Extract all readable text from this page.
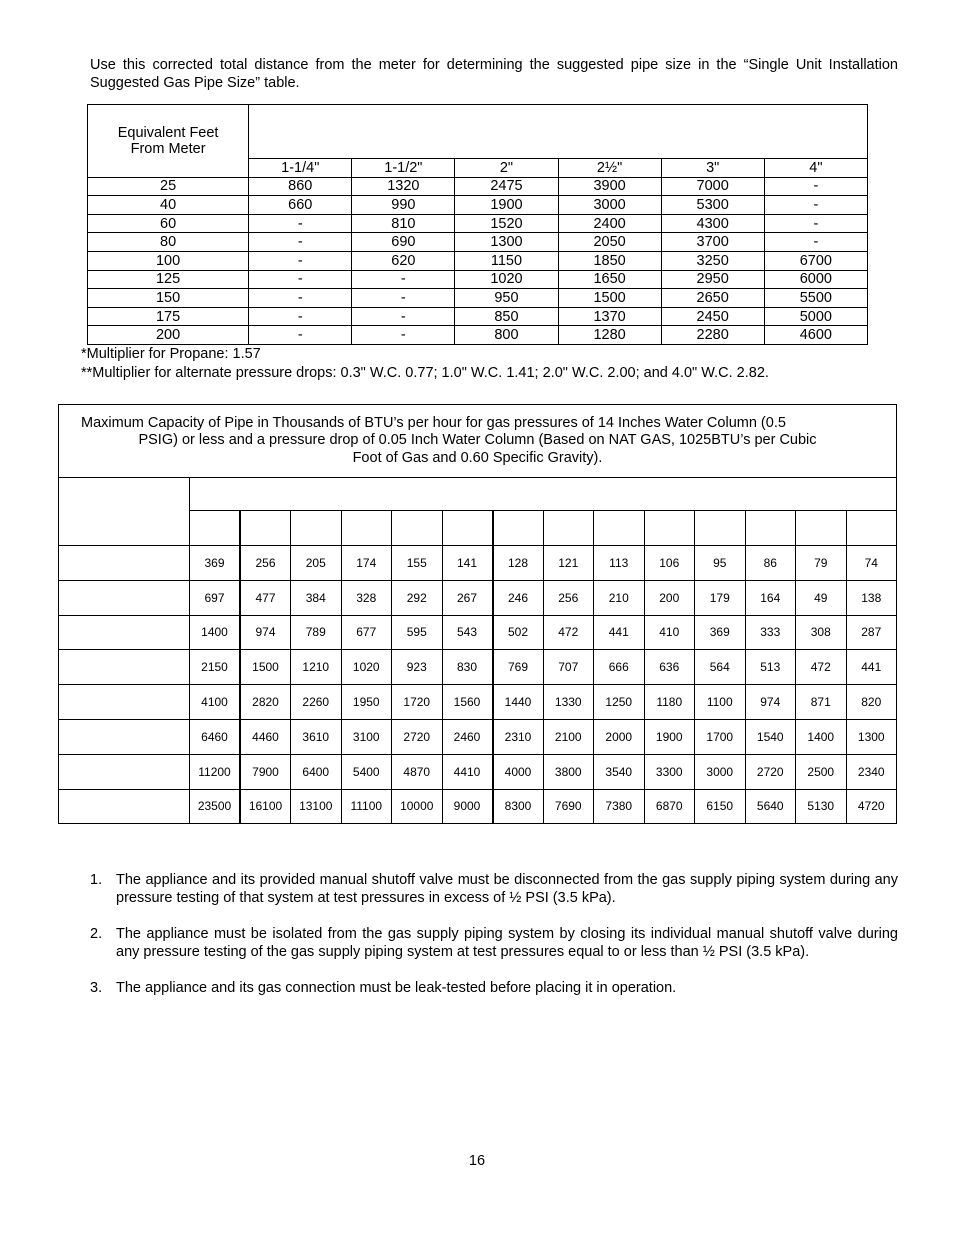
Use this corrected total distance from the meter for determining the suggested pipe size in the “Single Unit Installation Suggested Gas Pipe Size” table.

Equivalent Feet
From Meter						

	1-1/4"	1-1/2"	2"	2½"	3"	4"
25	860	1320	2475	3900	7000	-
40	660	990	1900	3000	5300	-
60	-	810	1520	2400	4300	-
80	-	690	1300	2050	3700	-
100	-	620	1150	1850	3250	6700
125	-	-	1020	1650	2950	6000
150	-	-	950	1500	2650	5500
175	-	-	850	1370	2450	5000
200	-	-	800	1280	2280	4600

*Multiplier for Propane: 1.57

**Multiplier for alternate pressure drops: 0.3" W.C. 0.77; 1.0" W.C. 1.41; 2.0" W.C. 2.00; and 4.0" W.C. 2.82.

Maximum Capacity of Pipe in Thousands of BTU’s per hour for gas pressures of 14 Inches Water Column (0.5
PSIG) or less and a pressure drop of 0.05 Inch Water Column (Based on NAT GAS, 1025BTU’s per Cubic
Foot of Gas and 0.60 Specific Gravity).														

	369	256	205	174	155	141	128	121	113	106	95	86	79	74
	697	477	384	328	292	267	246	256	210	200	179	164	49	138
	1400	974	789	677	595	543	502	472	441	410	369	333	308	287
	2150	1500	1210	1020	923	830	769	707	666	636	564	513	472	441
	4100	2820	2260	1950	1720	1560	1440	1330	1250	1180	1100	974	871	820
	6460	4460	3610	3100	2720	2460	2310	2100	2000	1900	1700	1540	1400	1300
	11200	7900	6400	5400	4870	4410	4000	3800	3540	3300	3000	2720	2500	2340
	23500	16100	13100	11100	10000	9000	8300	7690	7380	6870	6150	5640	5130	4720
1. The appliance and its provided manual shutoff valve must be disconnected from the gas supply piping system during any pressure testing of that system at test pressures in excess of ½ PSI (3.5 kPa).
2. The appliance must be isolated from the gas supply piping system by closing its individual manual shutoff valve during any pressure testing of the gas supply piping system at test pressures equal to or less than ½ PSI (3.5 kPa).
3. The appliance and its gas connection must be leak-tested before placing it in operation.
16
